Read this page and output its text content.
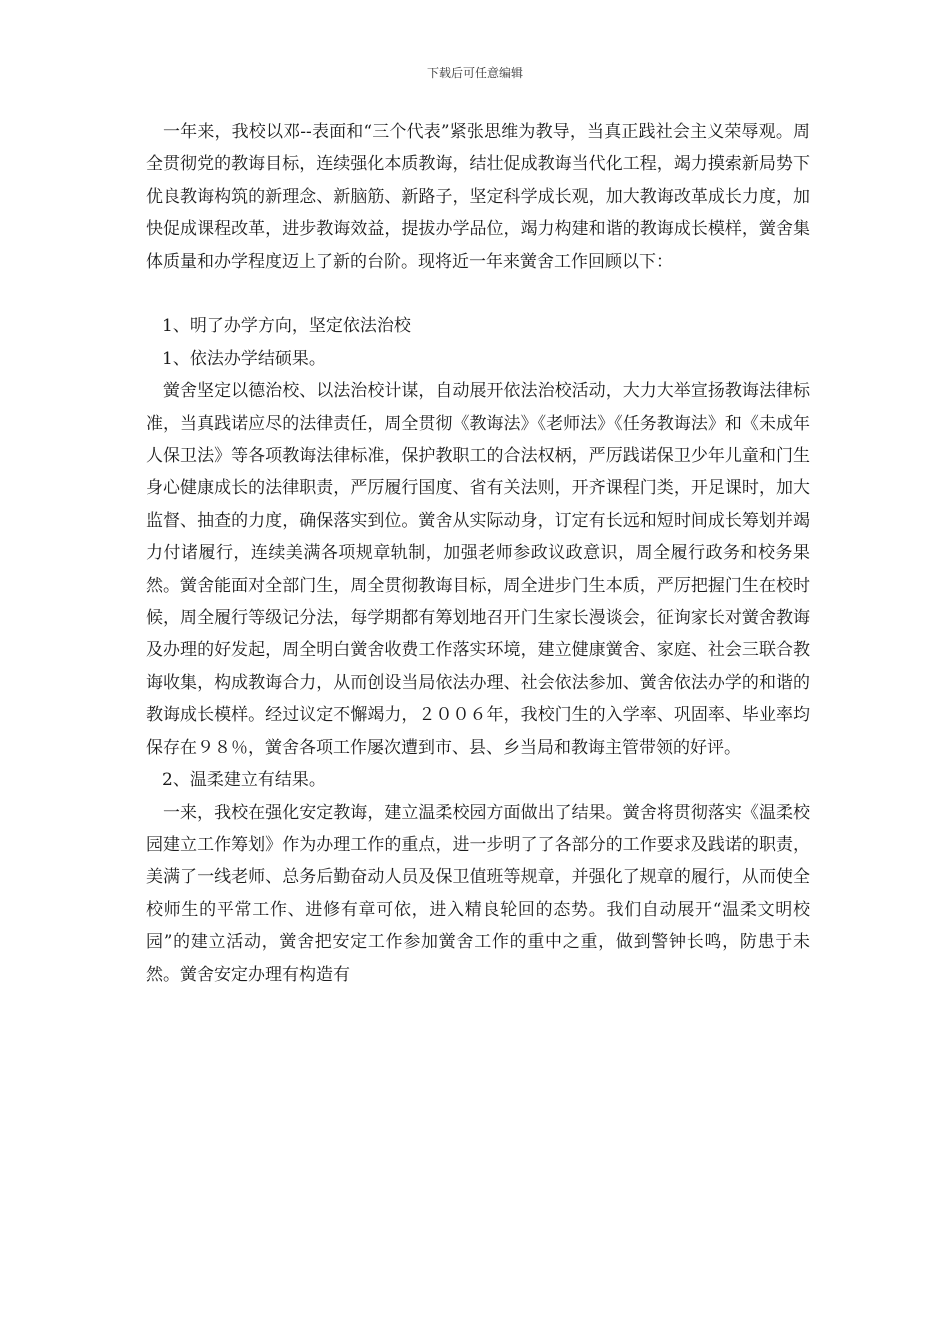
下载后可任意编辑

一年来，我校以邓--表面和“三个代表”紧张思维为教导，当真正践社会主义荣辱观。周全贯彻党的教诲目标，连续强化本质教诲，结壮促成教诲当代化工程，竭力摸索新局势下优良教诲构筑的新理念、新脑筋、新路子，坚定科学成长观，加大教诲改革成长力度，加快促成课程改革，进步教诲效益，提拔办学品位，竭力构建和谐的教诲成长模样，黉舍集体质量和办学程度迈上了新的台阶。现将近一年来黉舍工作回顾以下：

1、明了办学方向，坚定依法治校

1、依法办学结硕果。

黉舍坚定以德治校、以法治校计谋，自动展开依法治校活动，大力大举宣扬教诲法律标准，当真践诺应尽的法律责任，周全贯彻《教诲法》《老师法》《任务教诲法》和《未成年人保卫法》等各项教诲法律标准，保护教职工的合法权柄，严厉践诺保卫少年儿童和门生身心健康成长的法律职责，严厉履行国度、省有关法则，开齐课程门类，开足课时，加大监督、抽查的力度，确保落实到位。黉舍从实际动身，订定有长远和短时间成长筹划并竭力付诸履行，连续美满各项规章轨制，加强老师参政议政意识，周全履行政务和校务果然。黉舍能面对全部门生，周全贯彻教诲目标，周全进步门生本质，严厉把握门生在校时候，周全履行等级记分法，每学期都有筹划地召开门生家长漫谈会，征询家长对黉舍教诲及办理的好发起，周全明白黉舍收费工作落实环境，建立健康黉舍、家庭、社会三联合教诲收集，构成教诲合力，从而创设当局依法办理、社会依法参加、黉舍依法办学的和谐的教诲成长模样。经过议定不懈竭力，２００６年，我校门生的入学率、巩固率、毕业率均保存在９８％，黉舍各项工作屡次遭到市、县、乡当局和教诲主管带领的好评。

2、温柔建立有结果。

一来，我校在强化安定教诲，建立温柔校园方面做出了结果。黉舍将贯彻落实《温柔校园建立工作筹划》作为办理工作的重点，进一步明了了各部分的工作要求及践诺的职责，美满了一线老师、总务后勤奋动人员及保卫值班等规章，并强化了规章的履行，从而使全校师生的平常工作、进修有章可依，进入精良轮回的态势。我们自动展开“温柔文明校园”的建立活动，黉舍把安定工作参加黉舍工作的重中之重，做到警钟长鸣，防患于未然。黉舍安定办理有构造有
